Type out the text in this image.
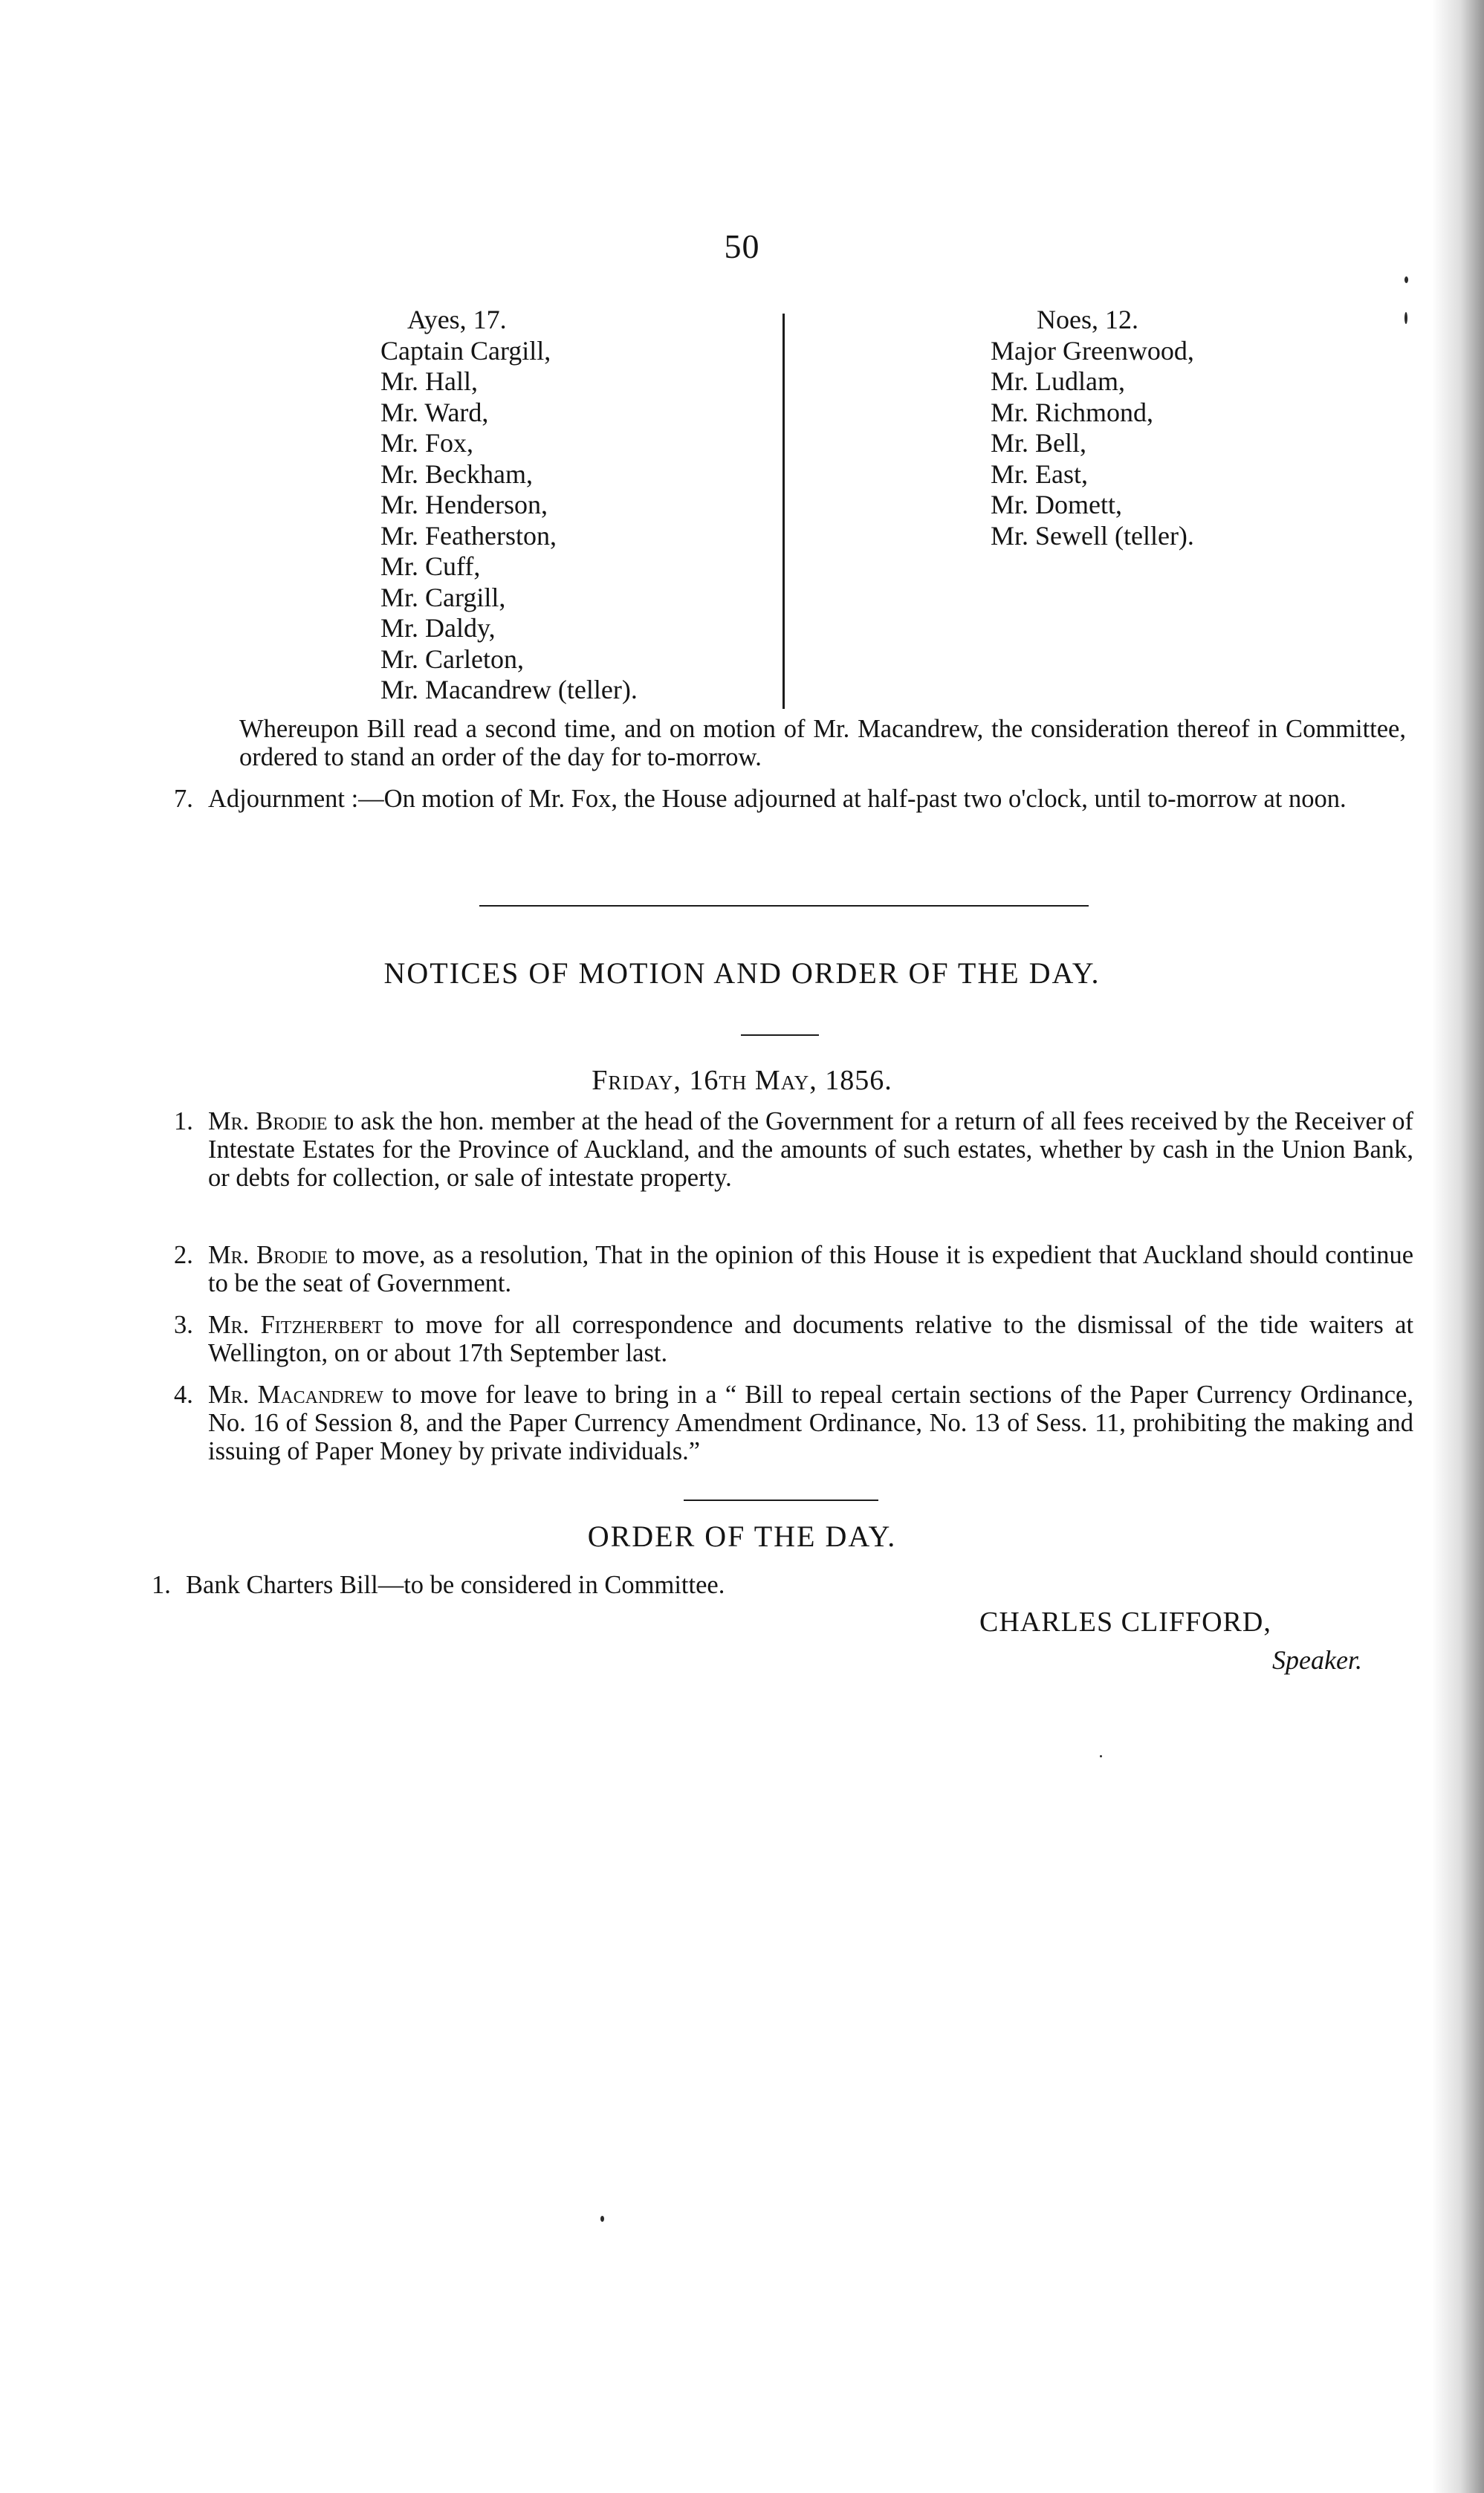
50
Ayes, 17.
Captain Cargill,
Mr. Hall,
Mr. Ward,
Mr. Fox,
Mr. Beckham,
Mr. Henderson,
Mr. Featherston,
Mr. Cuff,
Mr. Cargill,
Mr. Daldy,
Mr. Carleton,
Mr. Macandrew (teller).
Noes, 12.
Major Greenwood,
Mr. Ludlam,
Mr. Richmond,
Mr. Bell,
Mr. East,
Mr. Domett,
Mr. Sewell (teller).
Whereupon Bill read a second time, and on motion of Mr. Macandrew, the consideration thereof in Committee, ordered to stand an order of the day for to-morrow.
7. Adjournment :—On motion of Mr. Fox, the House adjourned at half-past two o'clock, until to-morrow at noon.
NOTICES OF MOTION AND ORDER OF THE DAY.
Friday, 16th May, 1856.
1. Mr. Brodie to ask the hon. member at the head of the Government for a return of all fees received by the Receiver of Intestate Estates for the Province of Auckland, and the amounts of such estates, whether by cash in the Union Bank, or debts for collection, or sale of intestate property.
2. Mr. Brodie to move, as a resolution, That in the opinion of this House it is expedient that Auckland should continue to be the seat of Government.
3. Mr. Fitzherbert to move for all correspondence and documents relative to the dismissal of the tide waiters at Wellington, on or about 17th September last.
4. Mr. Macandrew to move for leave to bring in a “ Bill to repeal certain sections of the Paper Currency Ordinance, No. 16 of Session 8, and the Paper Currency Amendment Ordinance, No. 13 of Sess. 11, prohibiting the making and issuing of Paper Money by private individuals.”
ORDER OF THE DAY.
1. Bank Charters Bill—to be considered in Committee.
CHARLES CLIFFORD,
Speaker.
